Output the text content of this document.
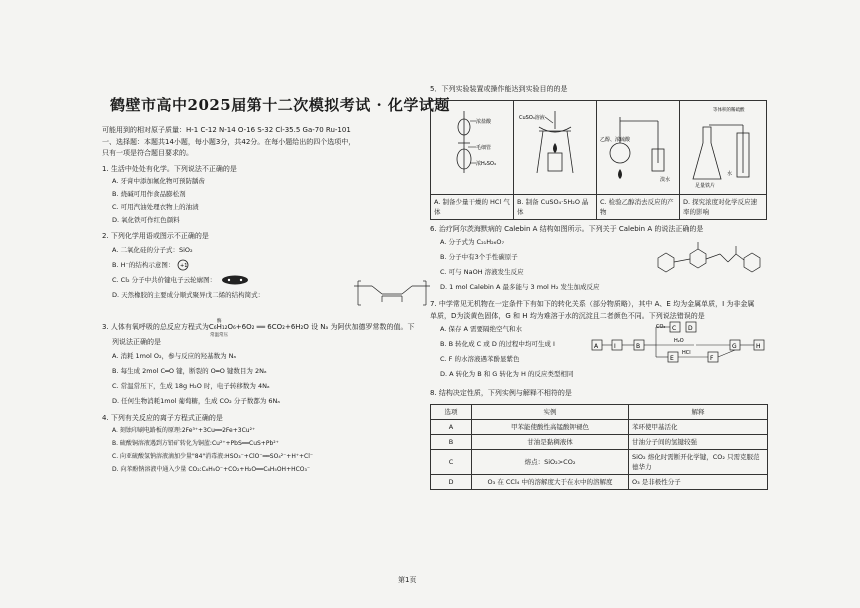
鹤壁市高中2025届第十二次模拟考试 · 化学试题
可能用到的相对原子质量：H-1 C-12 N-14 O-16 S-32 Cl-35.5 Ga-70 Ru-101
一、选择题：本题共14小题，每小题3分，共42分。在每小题给出的四个选项中，
只有一项是符合题目要求的。
1. 生活中处处有化学。下列说法不正确的是
A. 牙膏中添加氟化物可预防龋齿
B. 烧碱可用作食品膨松剂
C. 可用汽油处理衣物上的油渍
D. 氧化铁可作红色颜料
2. 下列化学用语或图示不正确的是
A. 二氧化硅的分子式：SiO₂
B. H⁻的结构示意图： +1
C. Cl₂ 分子中共价键电子云轮廓图：
D. 天然橡胶的主要成分顺式聚异戊二烯的结构简式：
3. 人体有氧呼吸的总反应方程式为C₆H₁₂O₆+6O₂ ══ 6CO₂+6H₂O 设 Nₐ 为阿伏加德罗常数的值。下
酶
常温常压
列说法正确的是
A. 消耗 1mol O₂，参与反应的羟基数为 Nₐ
B. 每生成 2mol C═O 键，断裂的 O═O 键数目为 2Nₐ
C. 常温常压下，生成 18g H₂O 时，电子转移数为 4Nₐ
D. 任何生物消耗1mol 葡萄糖，生成 CO₂ 分子数都为 6Nₐ
4. 下列有关反应的离子方程式正确的是
A. 刻蚀印刷电路板的原理:2Fe³⁺+3Cu══2Fe+3Cu²⁺
B. 硫酸铜溶液遇到方铅矿转化为铜蓝:Cu²⁺+PbS══CuS+Pb²⁺
C. 向亚硫酸氢钠溶液滴加少量"84"消毒液:HSO₃⁻+ClO⁻══SO₄²⁻+H⁺+Cl⁻
D. 向苯酚钠溶液中通入少量 CO₂:C₆H₅O⁻+CO₂+H₂O══C₆H₅OH+HCO₃⁻
5．下列实验装置或操作能达到实验目的的是
浓盐酸
毛细管
浓H₂SO₄	CuSO₄溶液	乙醇、浓硫酸
溴水	等体积的稀硫酸
水
足量铁片

A. 制备少量干燥的 HCl 气体	B. 制备 CuSO₄·5H₂O 晶体	C. 检验乙醇消去反应的产物	D. 探究浓度对化学反应速率的影响
6. 治疗阿尔茨海默病的 Calebin A 结构如图所示。下列关于 Calebin A 的说法正确的是
A. 分子式为 C₂₁H₂₆O₇
B. 分子中有3个手性碳原子
C. 可与 NaOH 溶液发生反应
D. 1 mol Calebin A 最多能与 3 mol H₂ 发生加成反应
7. 中学常见无机物在一定条件下有如下的转化关系（部分物质略），其中 A、E 均为金属单质，I 为非金属
单质，D为淡黄色固体，G 和 H 均为难溶于水的沉淀且二者颜色不同。下列说法错误的是
A. 保存 A 需要隔绝空气和水
B. B 转化成 C 或 D 的过程中均可生成 I
C. F 的水溶液遇苯酚显紫色
D. A 转化为 B 和 G 转化为 H 的反应类型相同
A	I	B
C
CO₂	D
H₂O
E
HCl
F
G	H
8. 结构决定性质，下列实例与解释不相符的是
选项	实例	解释
A	甲苯能使酸性高锰酸钾褪色	苯环使甲基活化
B	甘油是黏稠液体	甘油分子间的氢键较强
C	熔点：SiO₂>CO₂	SiO₂ 熔化时需断开化学键，CO₂ 只需克服范德华力
D	O₃ 在 CCl₄ 中的溶解度大于在水中的溶解度	O₃ 是非极性分子
第1页
